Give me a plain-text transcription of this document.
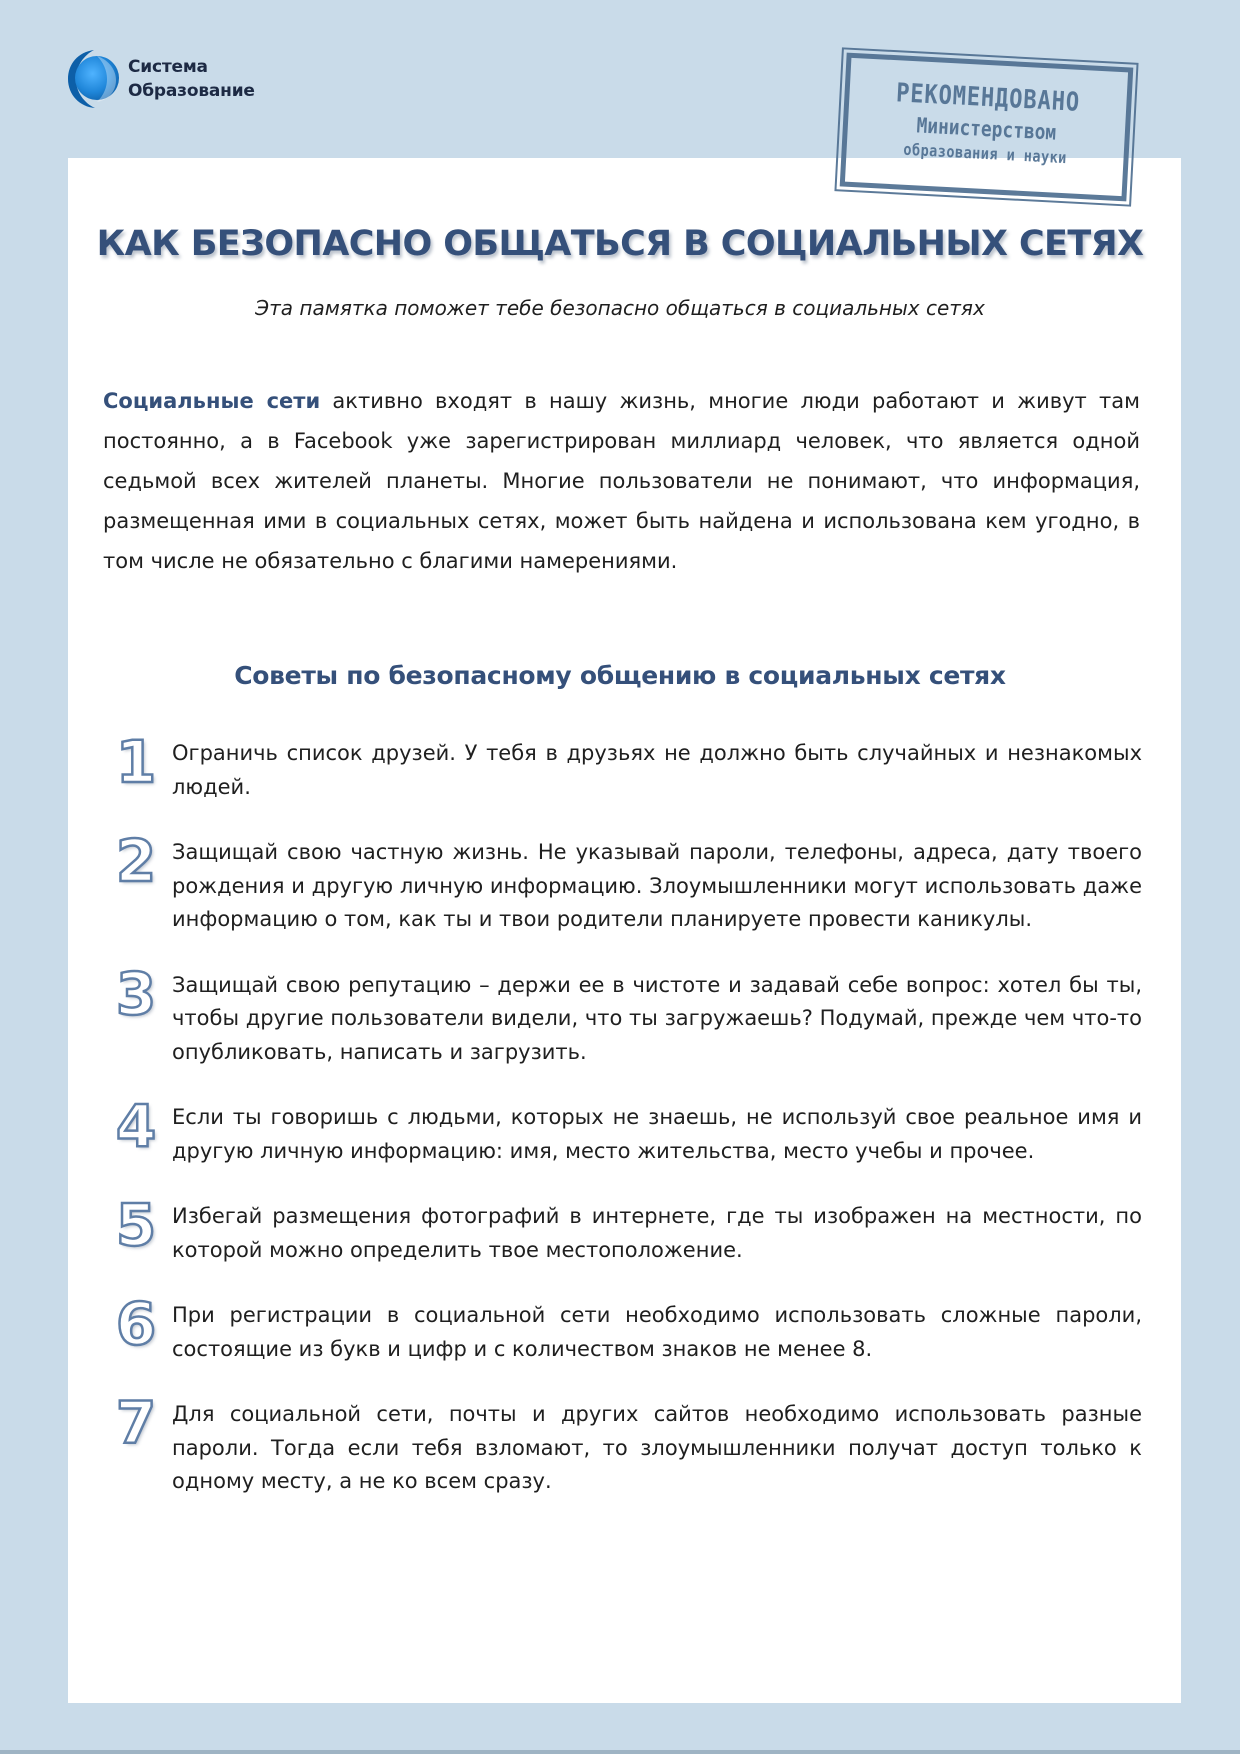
Система
Образование	РЕКОМЕНДОВАНО
Министерством
образования и науки
КАК БЕЗОПАСНО ОБЩАТЬСЯ В СОЦИАЛЬНЫХ СЕТЯХ

Эта памятка поможет тебе безопасно общаться в социальных сетях

Социальные сети активно входят в нашу жизнь, многие люди работают и живут там постоянно, а в Facebook уже зарегистрирован миллиард человек, что является одной седьмой всех жителей планеты. Многие пользователи не понимают, что информация, размещенная ими в социальных сетях, может быть найдена и использована кем угодно, в том числе не обязательно с благими намерениями.

Советы по безопасному общению в социальных сетях
1 Ограничь список друзей. У тебя в друзьях не должно быть случайных и незнакомых людей.

2 Защищай свою частную жизнь. Не указывай пароли, телефоны, адреса, дату твоего рождения и другую личную информацию. Злоумышленники могут использовать даже информацию о том, как ты и твои родители планируете провести каникулы.

3 Защищай свою репутацию – держи ее в чистоте и задавай себе вопрос: хотел бы ты, чтобы другие пользователи видели, что ты загружаешь? Подумай, прежде чем что-то опубликовать, написать и загрузить.

4 Если ты говоришь с людьми, которых не знаешь, не используй свое реальное имя и другую личную информацию: имя, место жительства, место учебы и прочее.

5 Избегай размещения фотографий в интернете, где ты изображен на местности, по которой можно определить твое местоположение.

6 При регистрации в социальной сети необходимо использовать сложные пароли, состоящие из букв и цифр и с количеством знаков не менее 8.

7 Для социальной сети, почты и других сайтов необходимо использовать разные пароли. Тогда если тебя взломают, то злоумышленники получат доступ только к одному месту, а не ко всем сразу.
